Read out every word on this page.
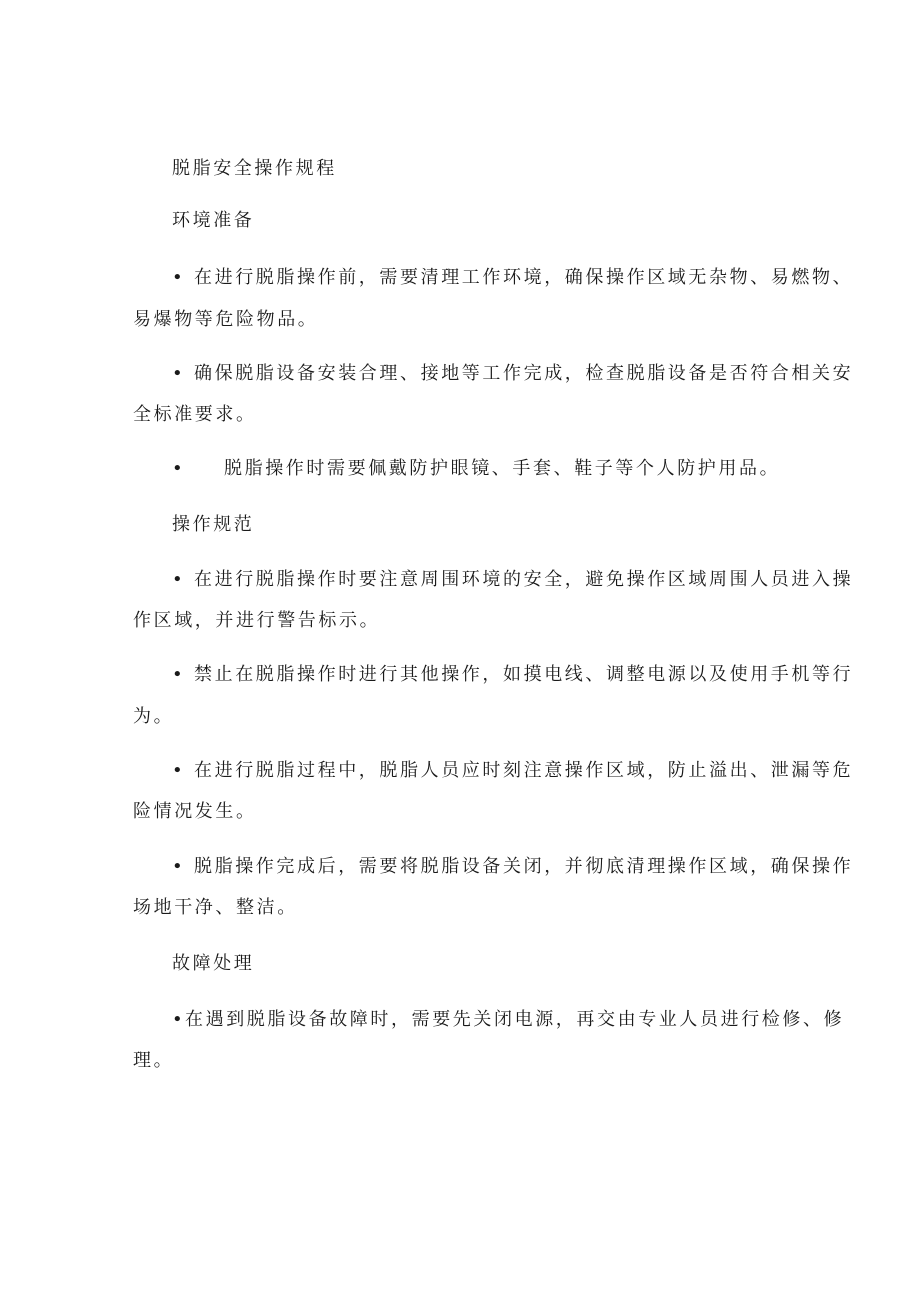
脱脂安全操作规程
环境准备
• 在进行脱脂操作前，需要清理工作环境，确保操作区域无杂物、易燃物、
易爆物等危险物品。
• 确保脱脂设备安装合理、接地等工作完成，检查脱脂设备是否符合相关安
全标准要求。
• 脱脂操作时需要佩戴防护眼镜、手套、鞋子等个人防护用品。
操作规范
• 在进行脱脂操作时要注意周围环境的安全，避免操作区域周围人员进入操
作区域，并进行警告标示。
• 禁止在脱脂操作时进行其他操作，如摸电线、调整电源以及使用手机等行
为。
• 在进行脱脂过程中，脱脂人员应时刻注意操作区域，防止溢出、泄漏等危
险情况发生。
• 脱脂操作完成后，需要将脱脂设备关闭，并彻底清理操作区域，确保操作
场地干净、整洁。
故障处理
• 在遇到脱脂设备故障时，需要先关闭电源，再交由专业人员进行检修、修
理。
